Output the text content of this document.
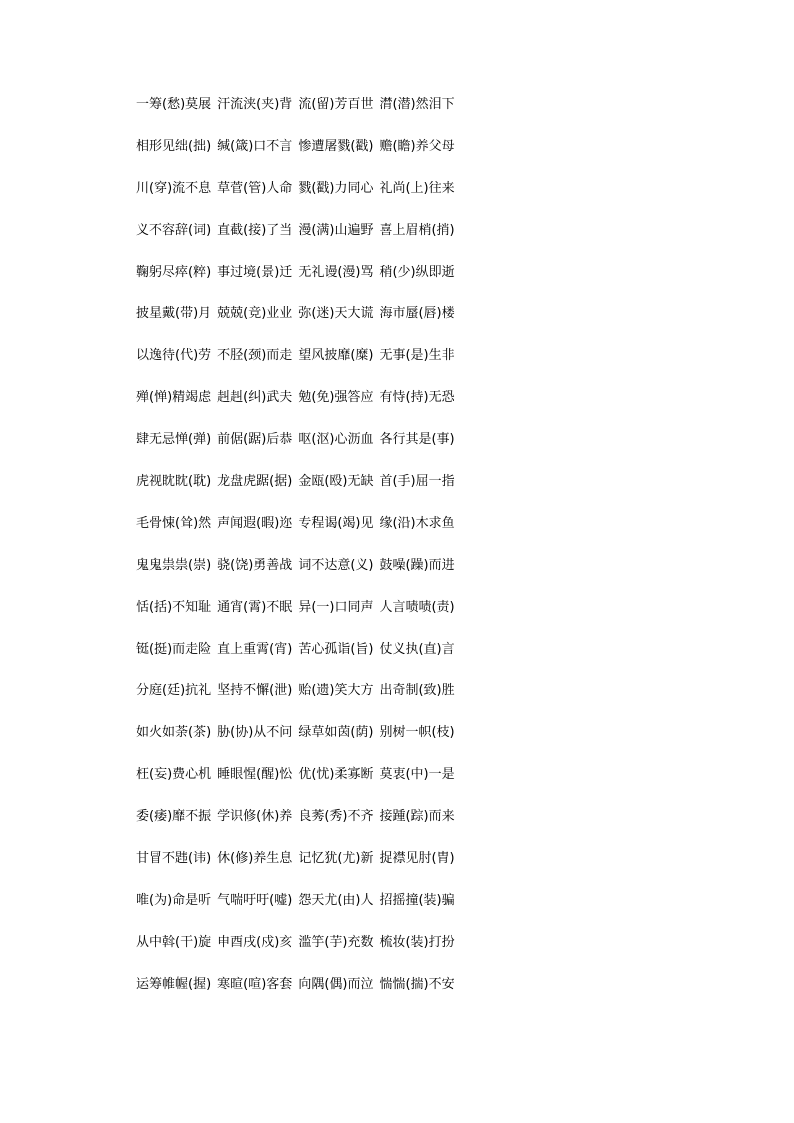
一筹(愁)莫展 汗流浃(夹)背 流(留)芳百世 潸(潜)然泪下
相形见绌(拙) 缄(箴)口不言 惨遭屠戮(戳) 赡(瞻)养父母
川(穿)流不息 草菅(管)人命 戮(戳)力同心 礼尚(上)往来
义不容辞(词) 直截(接)了当 漫(满)山遍野 喜上眉梢(捎)
鞠躬尽瘁(粹) 事过境(景)迁 无礼谩(漫)骂 稍(少)纵即逝
披星戴(带)月 兢兢(竞)业业 弥(迷)天大谎 海市蜃(唇)楼
以逸待(代)劳 不胫(颈)而走 望风披靡(糜) 无事(是)生非
殚(惮)精竭虑 赳赳(纠)武夫 勉(免)强答应 有恃(持)无恐
肆无忌惮(弹) 前倨(踞)后恭 呕(沤)心沥血 各行其是(事)
虎视眈眈(耽) 龙盘虎踞(据) 金瓯(殴)无缺 首(手)屈一指
毛骨悚(耸)然 声闻遐(暇)迩 专程谒(竭)见 缘(沿)木求鱼
鬼鬼祟祟(崇) 骁(饶)勇善战 词不达意(义) 鼓噪(躁)而进
恬(括)不知耻 通宵(霄)不眠 异(一)口同声 人言啧啧(责)
铤(挺)而走险 直上重霄(宵) 苦心孤诣(旨) 仗义执(直)言
分庭(廷)抗礼 坚持不懈(泄) 贻(遗)笑大方 出奇制(致)胜
如火如荼(茶) 胁(协)从不问 绿草如茵(荫) 别树一帜(枝)
枉(妄)费心机 睡眼惺(醒)忪 优(忧)柔寡断 莫衷(中)一是
委(痿)靡不振 学识修(休)养 良莠(秀)不齐 接踵(踪)而来
甘冒不韪(讳) 休(修)养生息 记忆犹(尤)新 捉襟见肘(胄)
唯(为)命是听 气喘吁吁(嘘) 怨天尤(由)人 招摇撞(装)骗
从中斡(干)旋 申酉戌(戍)亥 滥竽(芋)充数 梳妆(装)打扮
运筹帷幄(握) 寒暄(喧)客套 向隅(偶)而泣 惴惴(揣)不安
